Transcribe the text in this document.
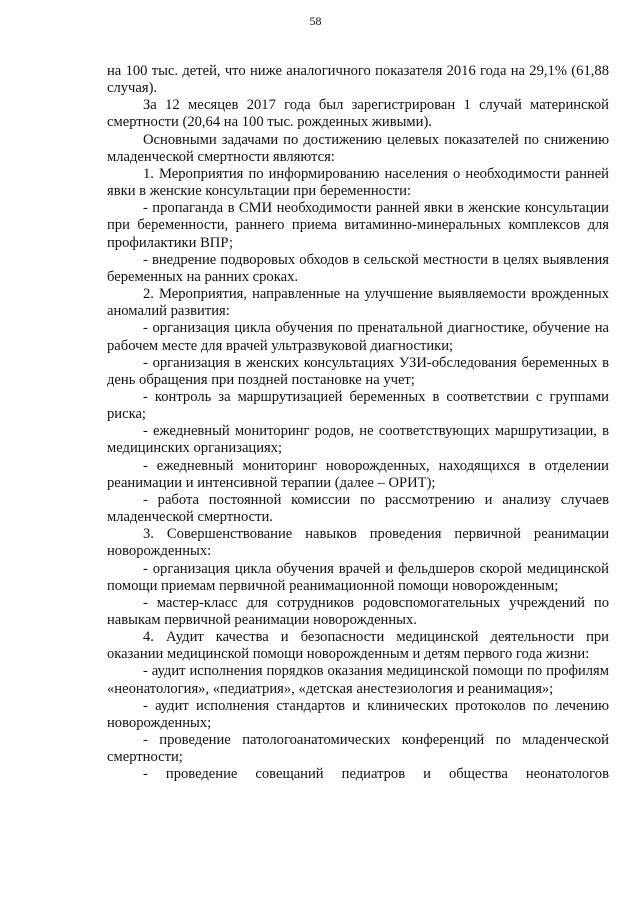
58

на 100 тыс. детей, что ниже аналогичного показателя 2016 года на 29,1% (61,88 случая).

За 12 месяцев 2017 года был зарегистрирован 1 случай материнской смертности (20,64 на 100 тыс. рожденных живыми).

Основными задачами по достижению целевых показателей по снижению младенческой смертности являются:

1. Мероприятия по информированию населения о необходимости ранней явки в женские консультации при беременности:

- пропаганда в СМИ необходимости ранней явки в женские консультации при беременности, раннего приема витаминно-минеральных комплексов для профилактики ВПР;

- внедрение подворовых обходов в сельской местности в целях выявления беременных на ранних сроках.

2. Мероприятия, направленные на улучшение выявляемости врожденных аномалий развития:

- организация цикла обучения по пренатальной диагностике, обучение на рабочем месте для врачей ультразвуковой диагностики;

- организация в женских консультациях УЗИ-обследования беременных в день обращения при поздней постановке на учет;

- контроль за маршрутизацией беременных в соответствии с группами риска;

- ежедневный мониторинг родов, не соответствующих маршрутизации, в медицинских организациях;

- ежедневный мониторинг новорожденных, находящихся в отделении реанимации и интенсивной терапии (далее – ОРИТ);

- работа постоянной комиссии по рассмотрению и анализу случаев младенческой смертности.

3. Совершенствование навыков проведения первичной реанимации новорожденных:

- организация цикла обучения врачей и фельдшеров скорой медицинской помощи приемам первичной реанимационной помощи новорожденным;

- мастер-класс для сотрудников родовспомогательных учреждений по навыкам первичной реанимации новорожденных.

4. Аудит качества и безопасности медицинской деятельности при оказании медицинской помощи новорожденным и детям первого года жизни:

- аудит исполнения порядков оказания медицинской помощи по профилям «неонатология», «педиатрия», «детская анестезиология и реанимация»;

- аудит исполнения стандартов и клинических протоколов по лечению новорожденных;

- проведение патологоанатомических конференций по младенческой смертности;

- проведение совещаний педиатров и общества неонатологов
